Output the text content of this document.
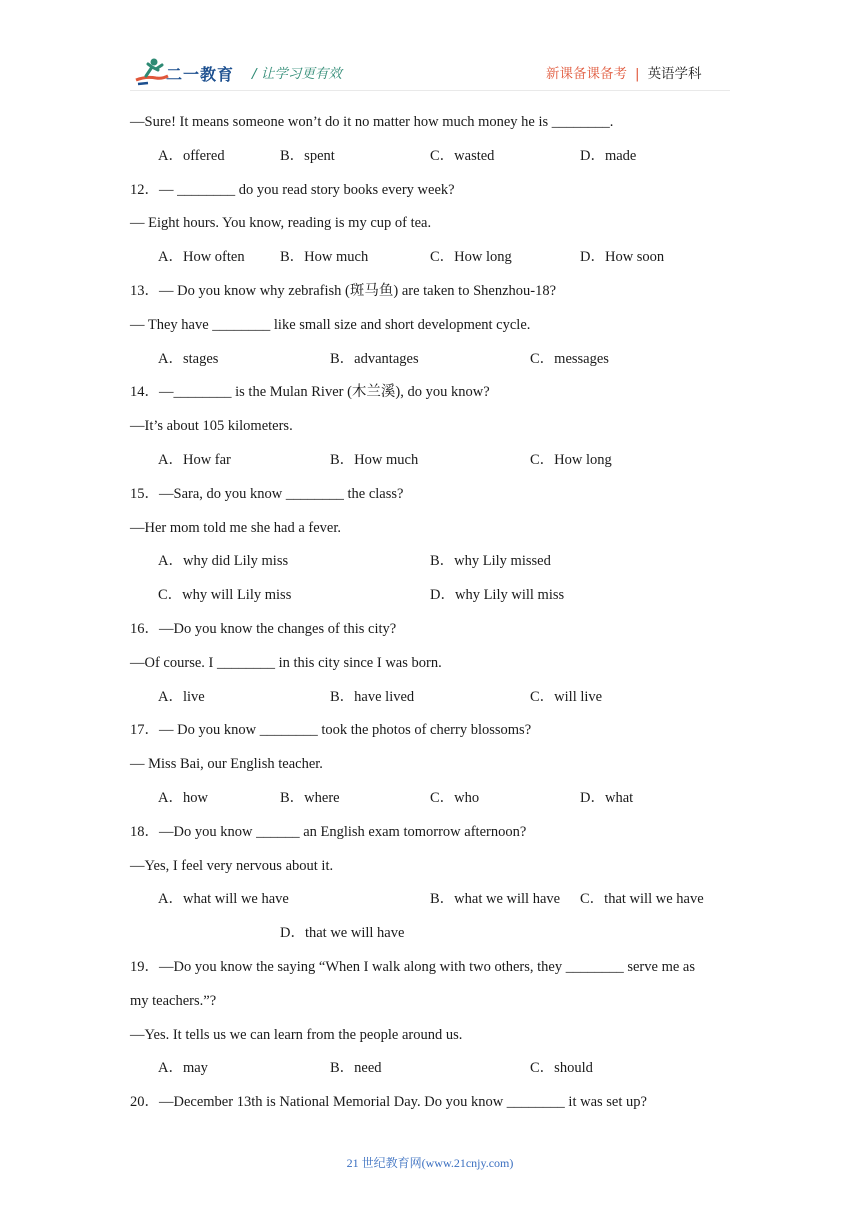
二一教育 / 让学习更有效	新课备课备考 | 英语学科
—Sure! It means someone won’t do it no matter how much money he is ________.
A．offered	B．spent	C．wasted	D．made
12．— ________ do you read story books every week?
— Eight hours. You know, reading is my cup of tea.
A．How often B．How much	C．How long	D．How soon
13．— Do you know why zebrafish (斑马鱼) are taken to Shenzhou-18?
— They have ________ like small size and short development cycle.
A．stages	B．advantages	C．messages
14．—________ is the Mulan River (木兰溪), do you know?
—It’s about 105 kilometers.
A．How far	B．How much	C．How long
15．—Sara, do you know ________ the class?
—Her mom told me she had a fever.
A．why did Lily miss	B．why Lily missed
C．why will Lily miss	D．why Lily will miss
16．—Do you know the changes of this city?
—Of course. I ________ in this city since I was born.
A．live	B．have lived	C．will live
17．— Do you know ________ took the photos of cherry blossoms?
— Miss Bai, our English teacher.
A．how	B．where	C．who	D．what
18．—Do you know ______ an English exam tomorrow afternoon?
—Yes, I feel very nervous about it.
A．what will we have	B．what we will have C．that will we have
D．that we will have
19．—Do you know the saying “When I walk along with two others, they ________ serve me as
my teachers.”?
—Yes. It tells us we can learn from the people around us.
A．may	B．need	C．should
20．—December 13th is National Memorial Day. Do you know ________ it was set up?
21 世纪教育网(www.21cnjy.com)
